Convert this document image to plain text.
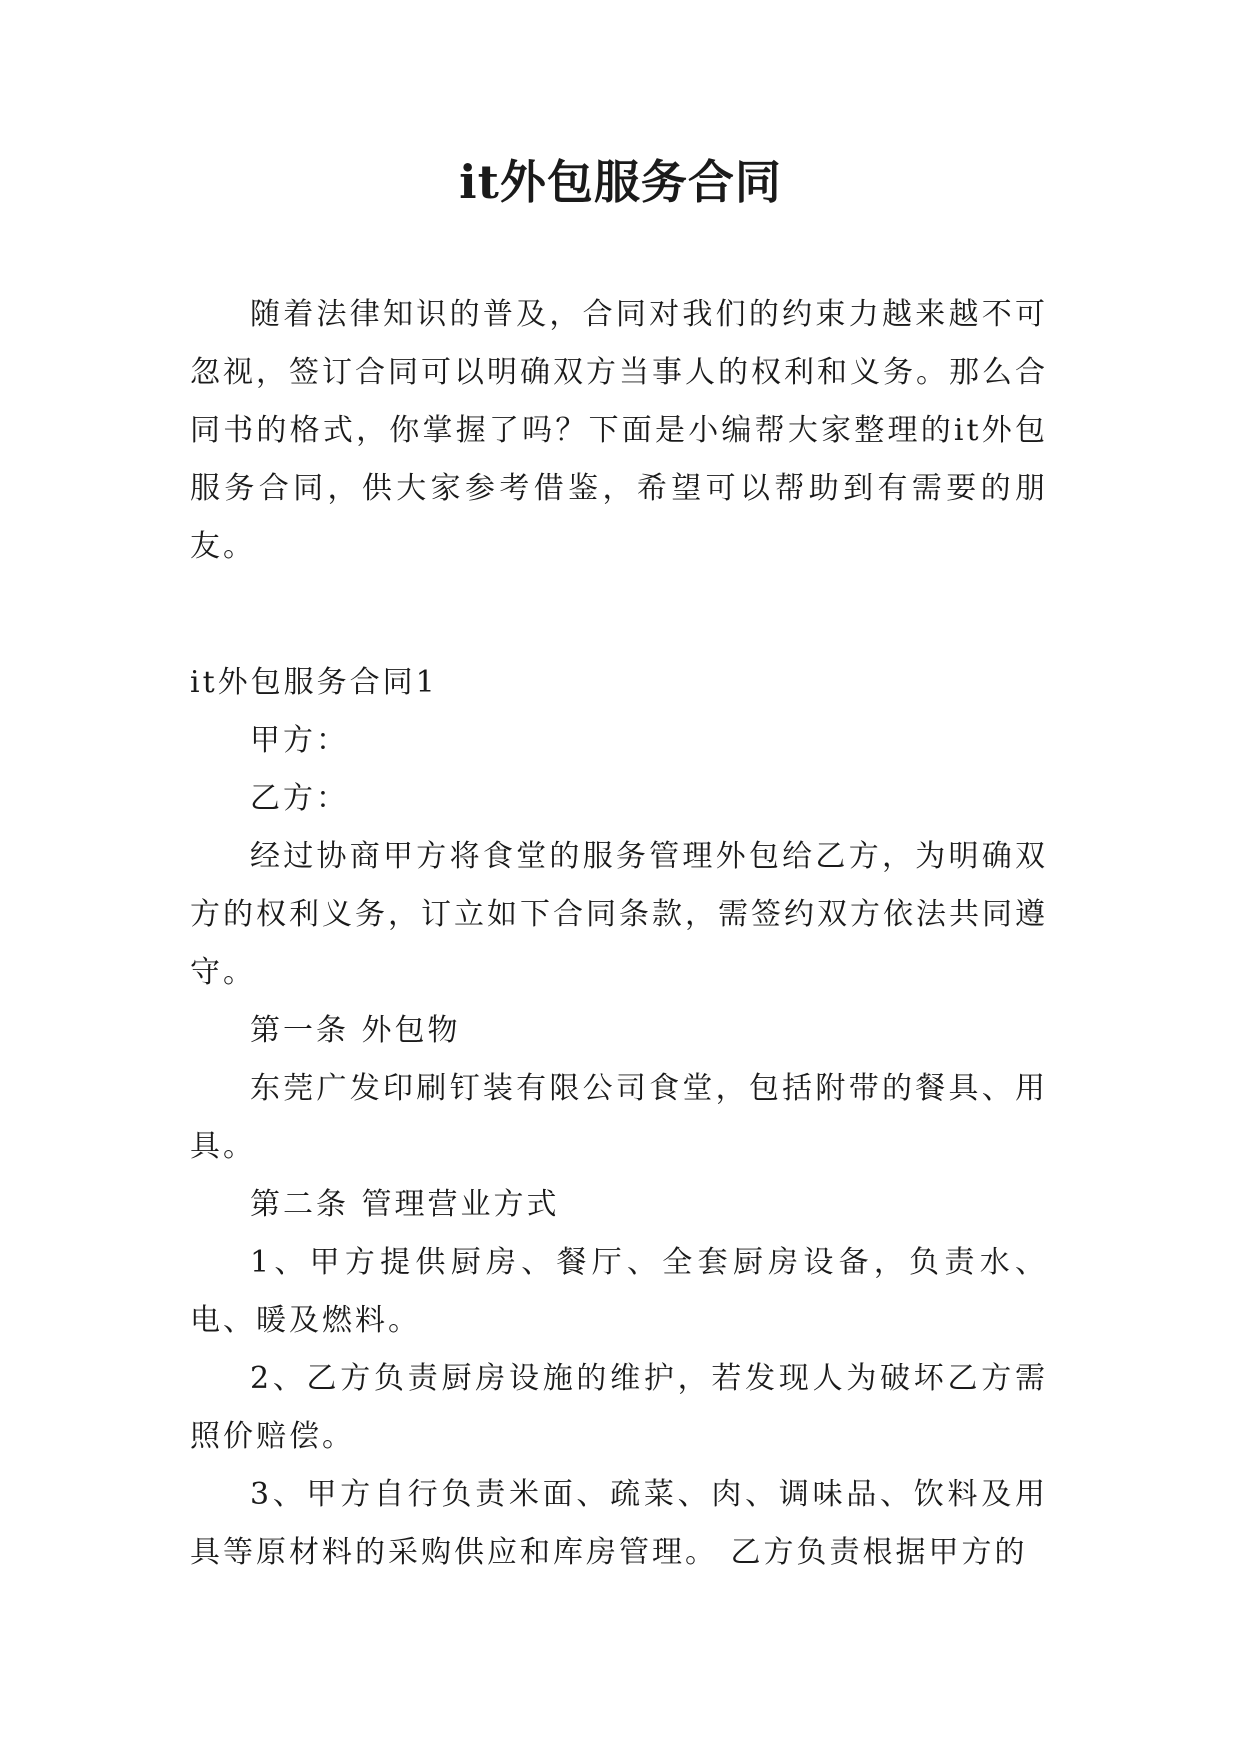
it外包服务合同

随着法律知识的普及，合同对我们的约束力越来越不可忽视，签订合同可以明确双方当事人的权利和义务。那么合同书的格式，你掌握了吗？下面是小编帮大家整理的it外包服务合同，供大家参考借鉴，希望可以帮助到有需要的朋友。

it外包服务合同1

甲方：

乙方：

经过协商甲方将食堂的服务管理外包给乙方，为明确双方的权利义务，订立如下合同条款，需签约双方依法共同遵守。

第一条 外包物

东莞广发印刷钉装有限公司食堂，包括附带的餐具、用具。

第二条 管理营业方式

1、甲方提供厨房、餐厅、全套厨房设备，负责水、电、暖及燃料。

2、乙方负责厨房设施的维护，若发现人为破坏乙方需照价赔偿。

3、甲方自行负责米面、疏菜、肉、调味品、饮料及用具等原材料的采购供应和库房管理。 乙方负责根据甲方的
